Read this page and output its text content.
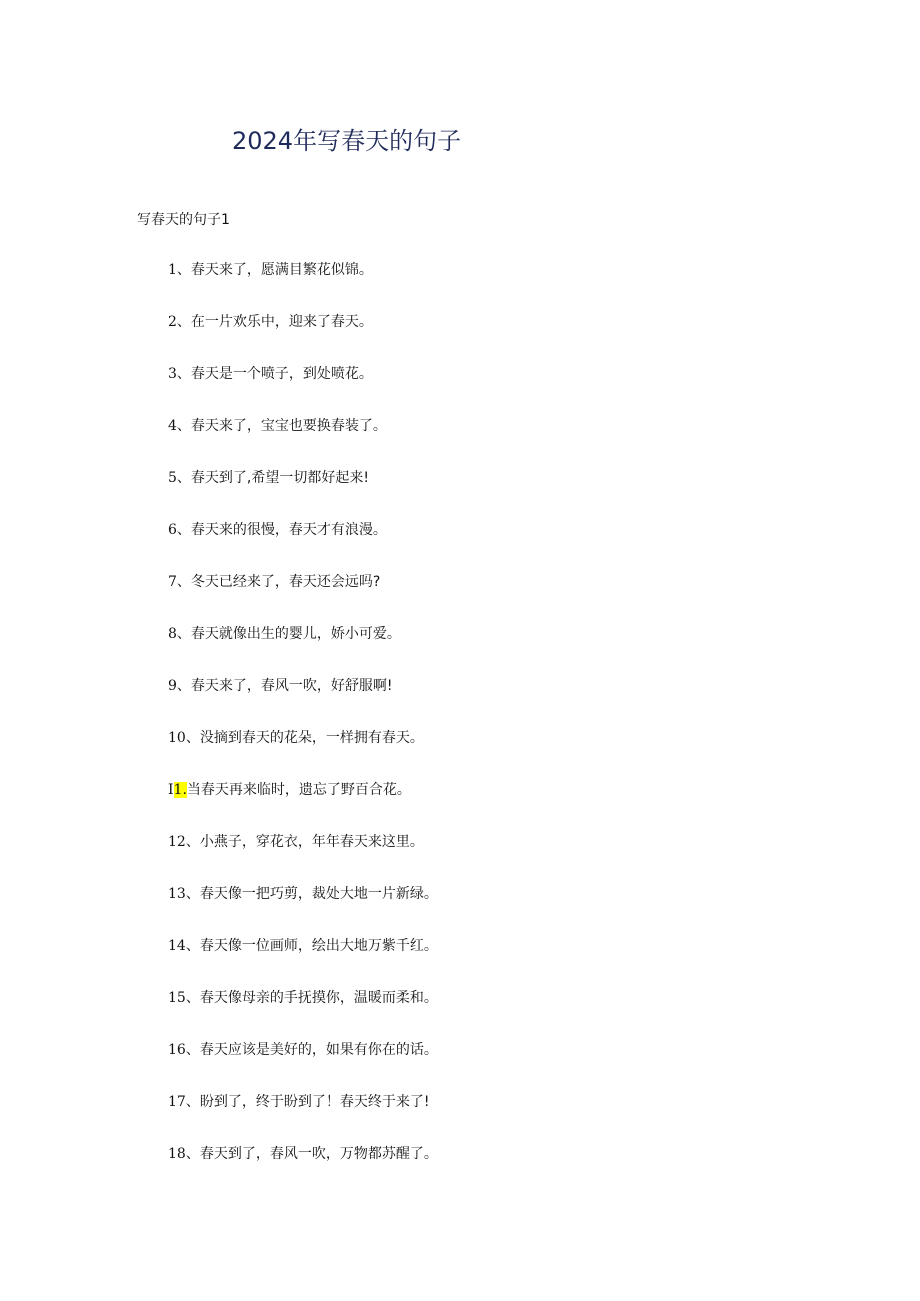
2024年写春天的句子
写春天的句子1
1、春天来了，愿满目繁花似锦。
2、在一片欢乐中，迎来了春天。
3、春天是一个喷子，到处喷花。
4、春天来了，宝宝也要换春装了。
5、春天到了,希望一切都好起来!
6、春天来的很慢，春天才有浪漫。
7、冬天已经来了，春天还会远吗?
8、春天就像出生的婴儿，娇小可爱。
9、春天来了，春风一吹，好舒服啊!
10、没摘到春天的花朵，一样拥有春天。
I1.当春天再来临时，遗忘了野百合花。
12、小燕子，穿花衣，年年春天来这里。
13、春天像一把巧剪，裁处大地一片新绿。
14、春天像一位画师，绘出大地万紫千红。
15、春天像母亲的手抚摸你，温暖而柔和。
16、春天应该是美好的，如果有你在的话。
17、盼到了，终于盼到了！春天终于来了!
18、春天到了，春风一吹，万物都苏醒了。
